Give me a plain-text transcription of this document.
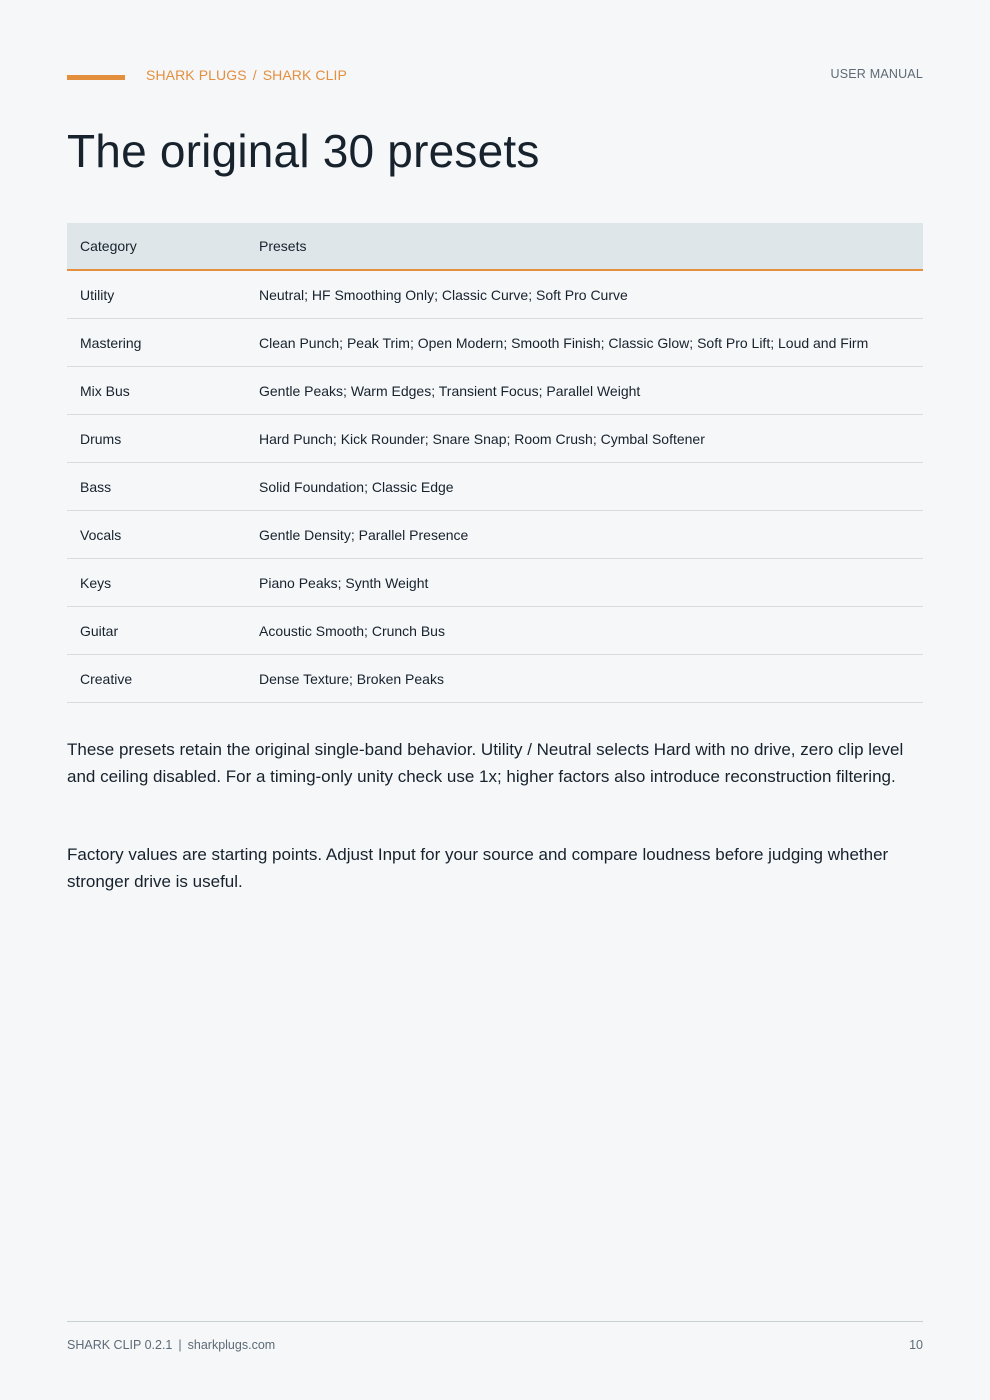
SHARK PLUGS / SHARK CLIP	USER MANUAL
The original 30 presets
Category	Presets
Utility	Neutral; HF Smoothing Only; Classic Curve; Soft Pro Curve
Mastering	Clean Punch; Peak Trim; Open Modern; Smooth Finish; Classic Glow; Soft Pro Lift; Loud and Firm
Mix Bus	Gentle Peaks; Warm Edges; Transient Focus; Parallel Weight
Drums	Hard Punch; Kick Rounder; Snare Snap; Room Crush; Cymbal Softener
Bass	Solid Foundation; Classic Edge
Vocals	Gentle Density; Parallel Presence
Keys	Piano Peaks; Synth Weight
Guitar	Acoustic Smooth; Crunch Bus
Creative	Dense Texture; Broken Peaks

These presets retain the original single-band behavior. Utility / Neutral selects Hard with no drive, zero clip level and ceiling disabled. For a timing-only unity check use 1x; higher factors also introduce reconstruction filtering.

Factory values are starting points. Adjust Input for your source and compare loudness before judging whether stronger drive is useful.

SHARK CLIP 0.2.1 | sharkplugs.com	10
